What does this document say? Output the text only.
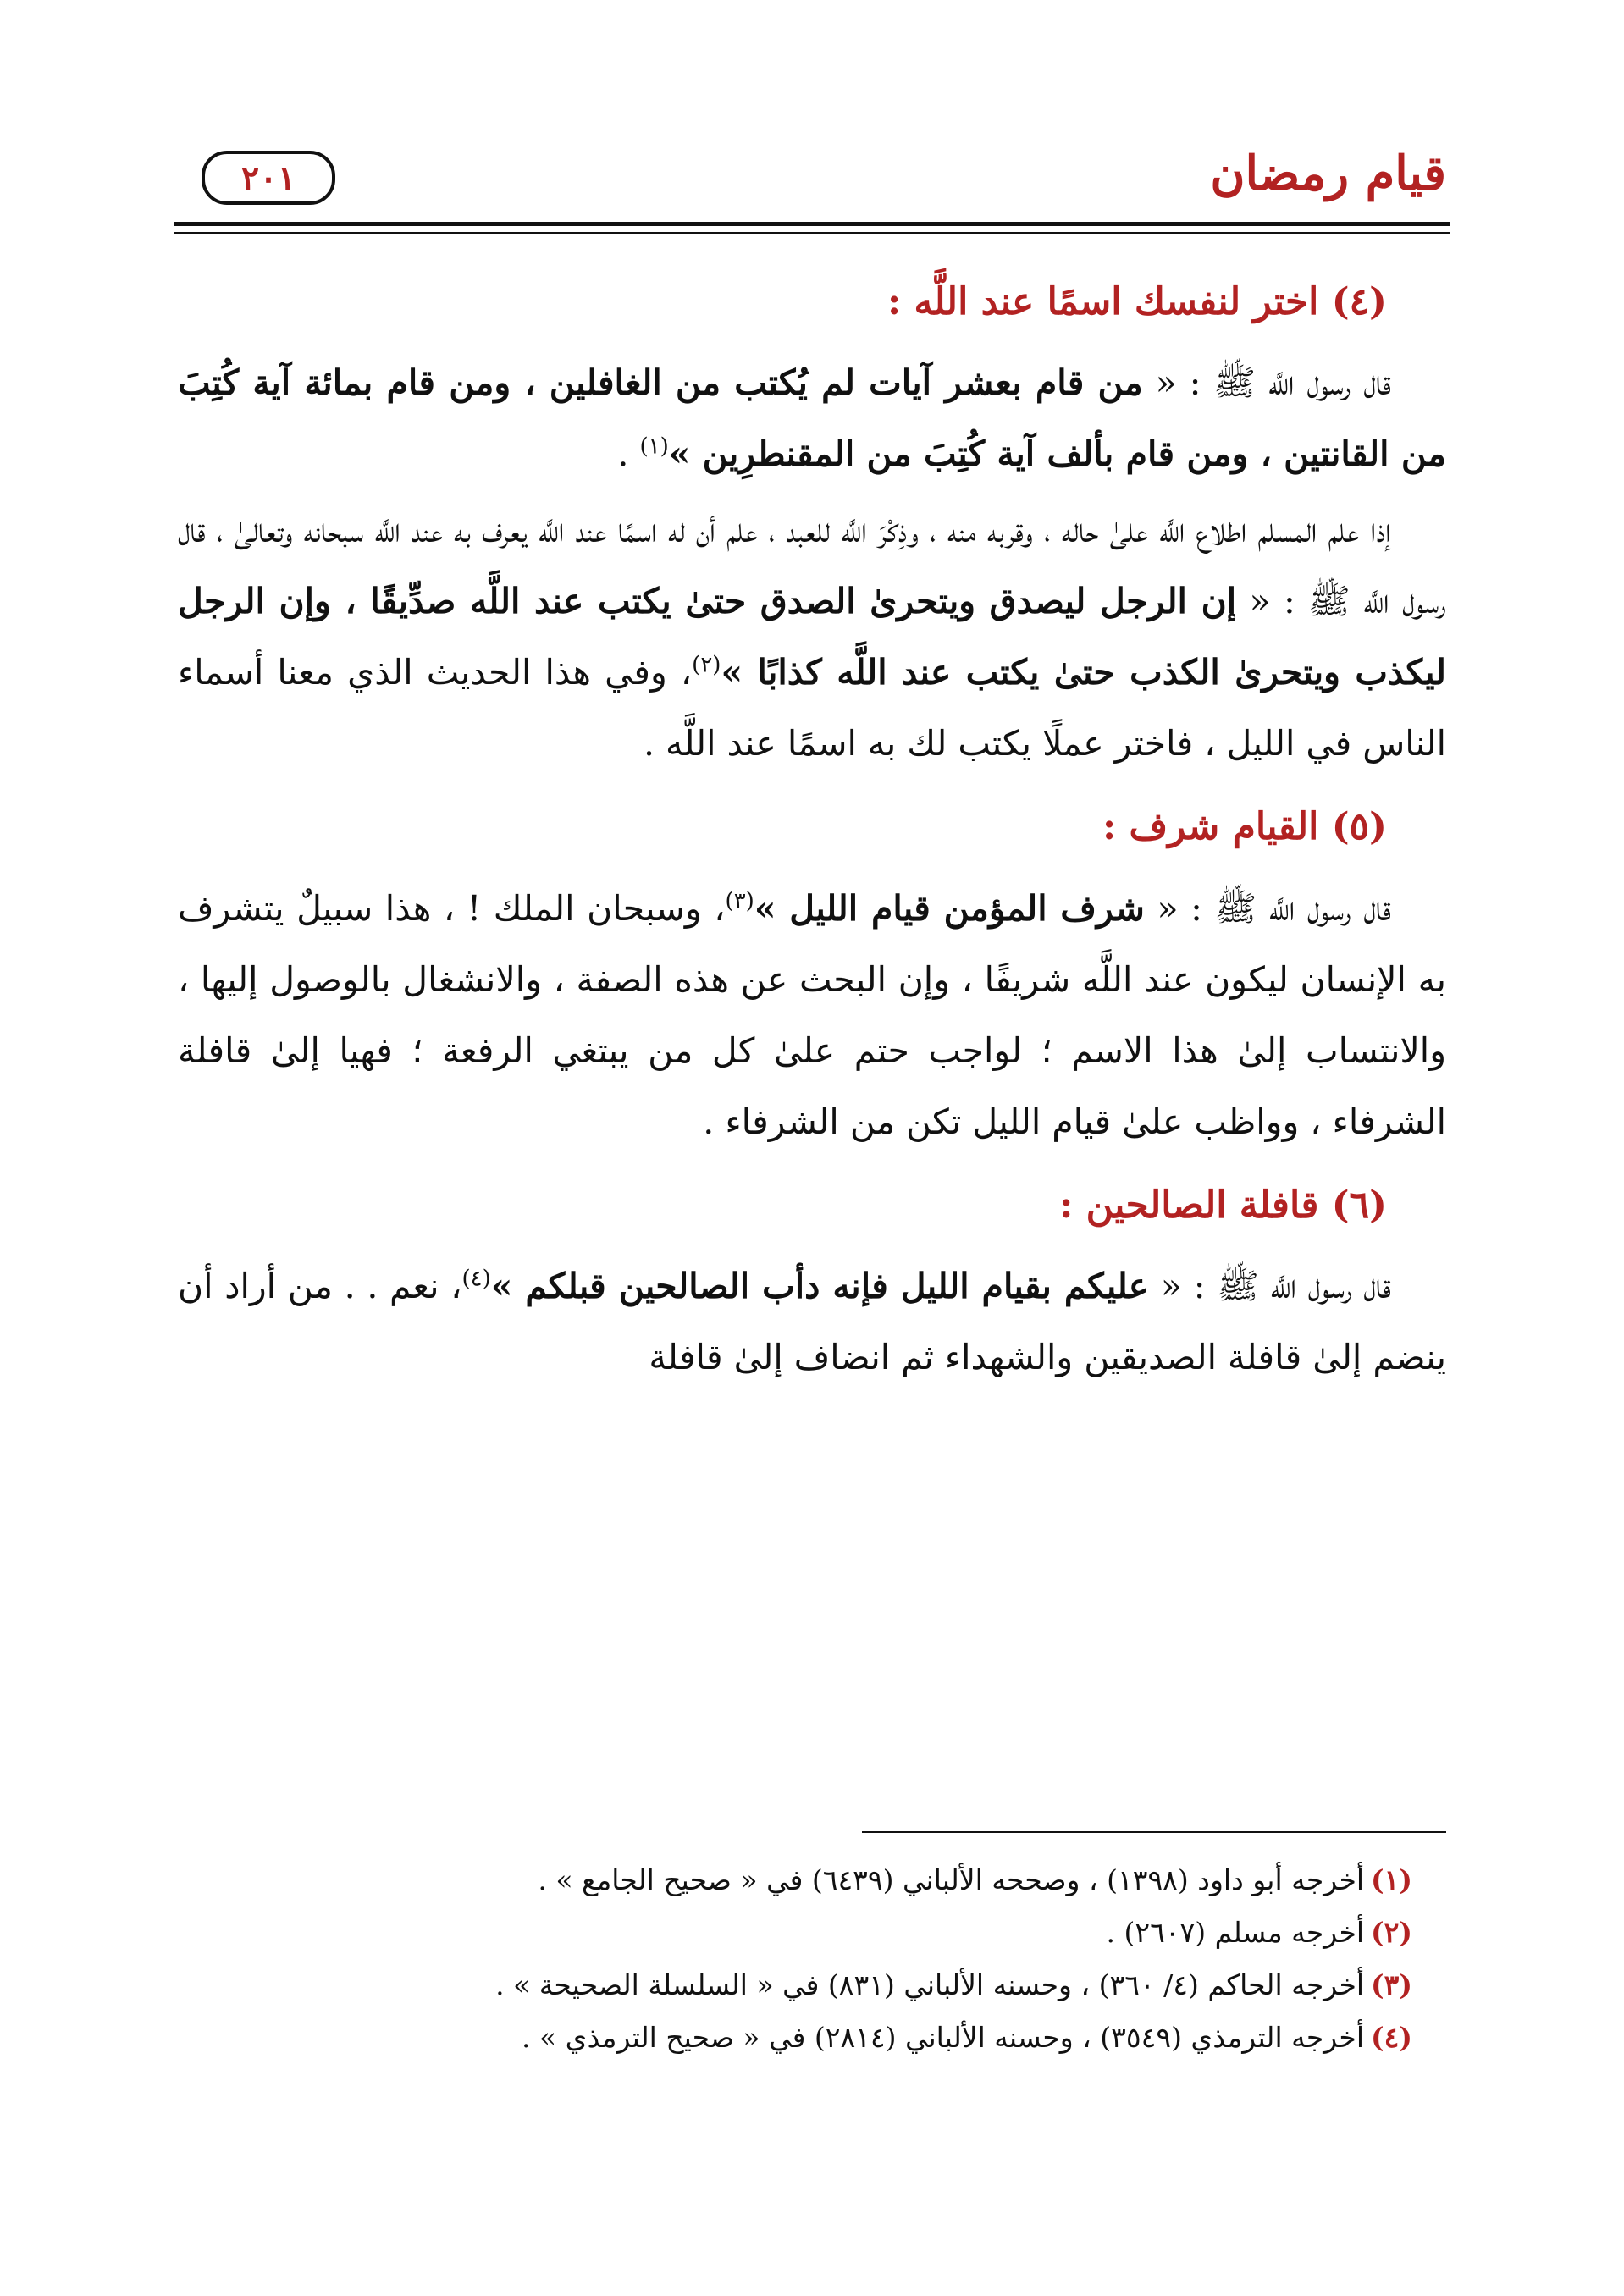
قيام رمضان
٢٠١
(٤) اختر لنفسك اسمًا عند اللَّه :

قال رسول اللَّه ﷺ : « من قام بعشر آيات لم يُكتب من الغافلين ، ومن قام بمائة آية كُتِبَ من القانتين ، ومن قام بألف آية كُتِبَ من المقنطرِين »$^{(١)}$ .

إذا علم المسلم اطلاع اللَّه علىٰ حاله ، وقربه منه ، وذِكْرَ اللَّه للعبد ، علم أن له اسمًا عند اللَّه يعرف به عند اللَّه سبحانه وتعالىٰ ، قال رسول اللَّه ﷺ : « إن الرجل ليصدق ويتحرىٰ الصدق حتىٰ يكتب عند اللَّه صدِّيقًا ، وإن الرجل ليكذب ويتحرىٰ الكذب حتىٰ يكتب عند اللَّه كذابًا »$^{(٢)}$، وفي هذا الحديث الذي معنا أسماء الناس في الليل ، فاختر عملًا يكتب لك به اسمًا عند اللَّه .

(٥) القيام شرف :

قال رسول اللَّه ﷺ : « شرف المؤمن قيام الليل »$^{(٣)}$، وسبحان الملك ! ، هذا سبيلٌ يتشرف به الإنسان ليكون عند اللَّه شريفًا ، وإن البحث عن هذه الصفة ، والانشغال بالوصول إليها ، والانتساب إلىٰ هذا الاسم ؛ لواجب حتم علىٰ كل من يبتغي الرفعة ؛ فهيا إلىٰ قافلة الشرفاء ، وواظب علىٰ قيام الليل تكن من الشرفاء .

(٦) قافلة الصالحين :

قال رسول اللَّه ﷺ : « عليكم بقيام الليل فإنه دأب الصالحين قبلكم »$^{(٤)}$، نعم . . من أراد أن ينضم إلىٰ قافلة الصديقين والشهداء ثم انضاف إلىٰ قافلة

(١)أخرجه أبو داود (١٣٩٨) ، وصححه الألباني (٦٤٣٩) في « صحيح الجامع » .
(٢)أخرجه مسلم (٢٦٠٧) .
(٣)أخرجه الحاكم (٤/ ٣٦٠) ، وحسنه الألباني (٨٣١) في « السلسلة الصحيحة » .
(٤)أخرجه الترمذي (٣٥٤٩) ، وحسنه الألباني (٢٨١٤) في « صحيح الترمذي » .
